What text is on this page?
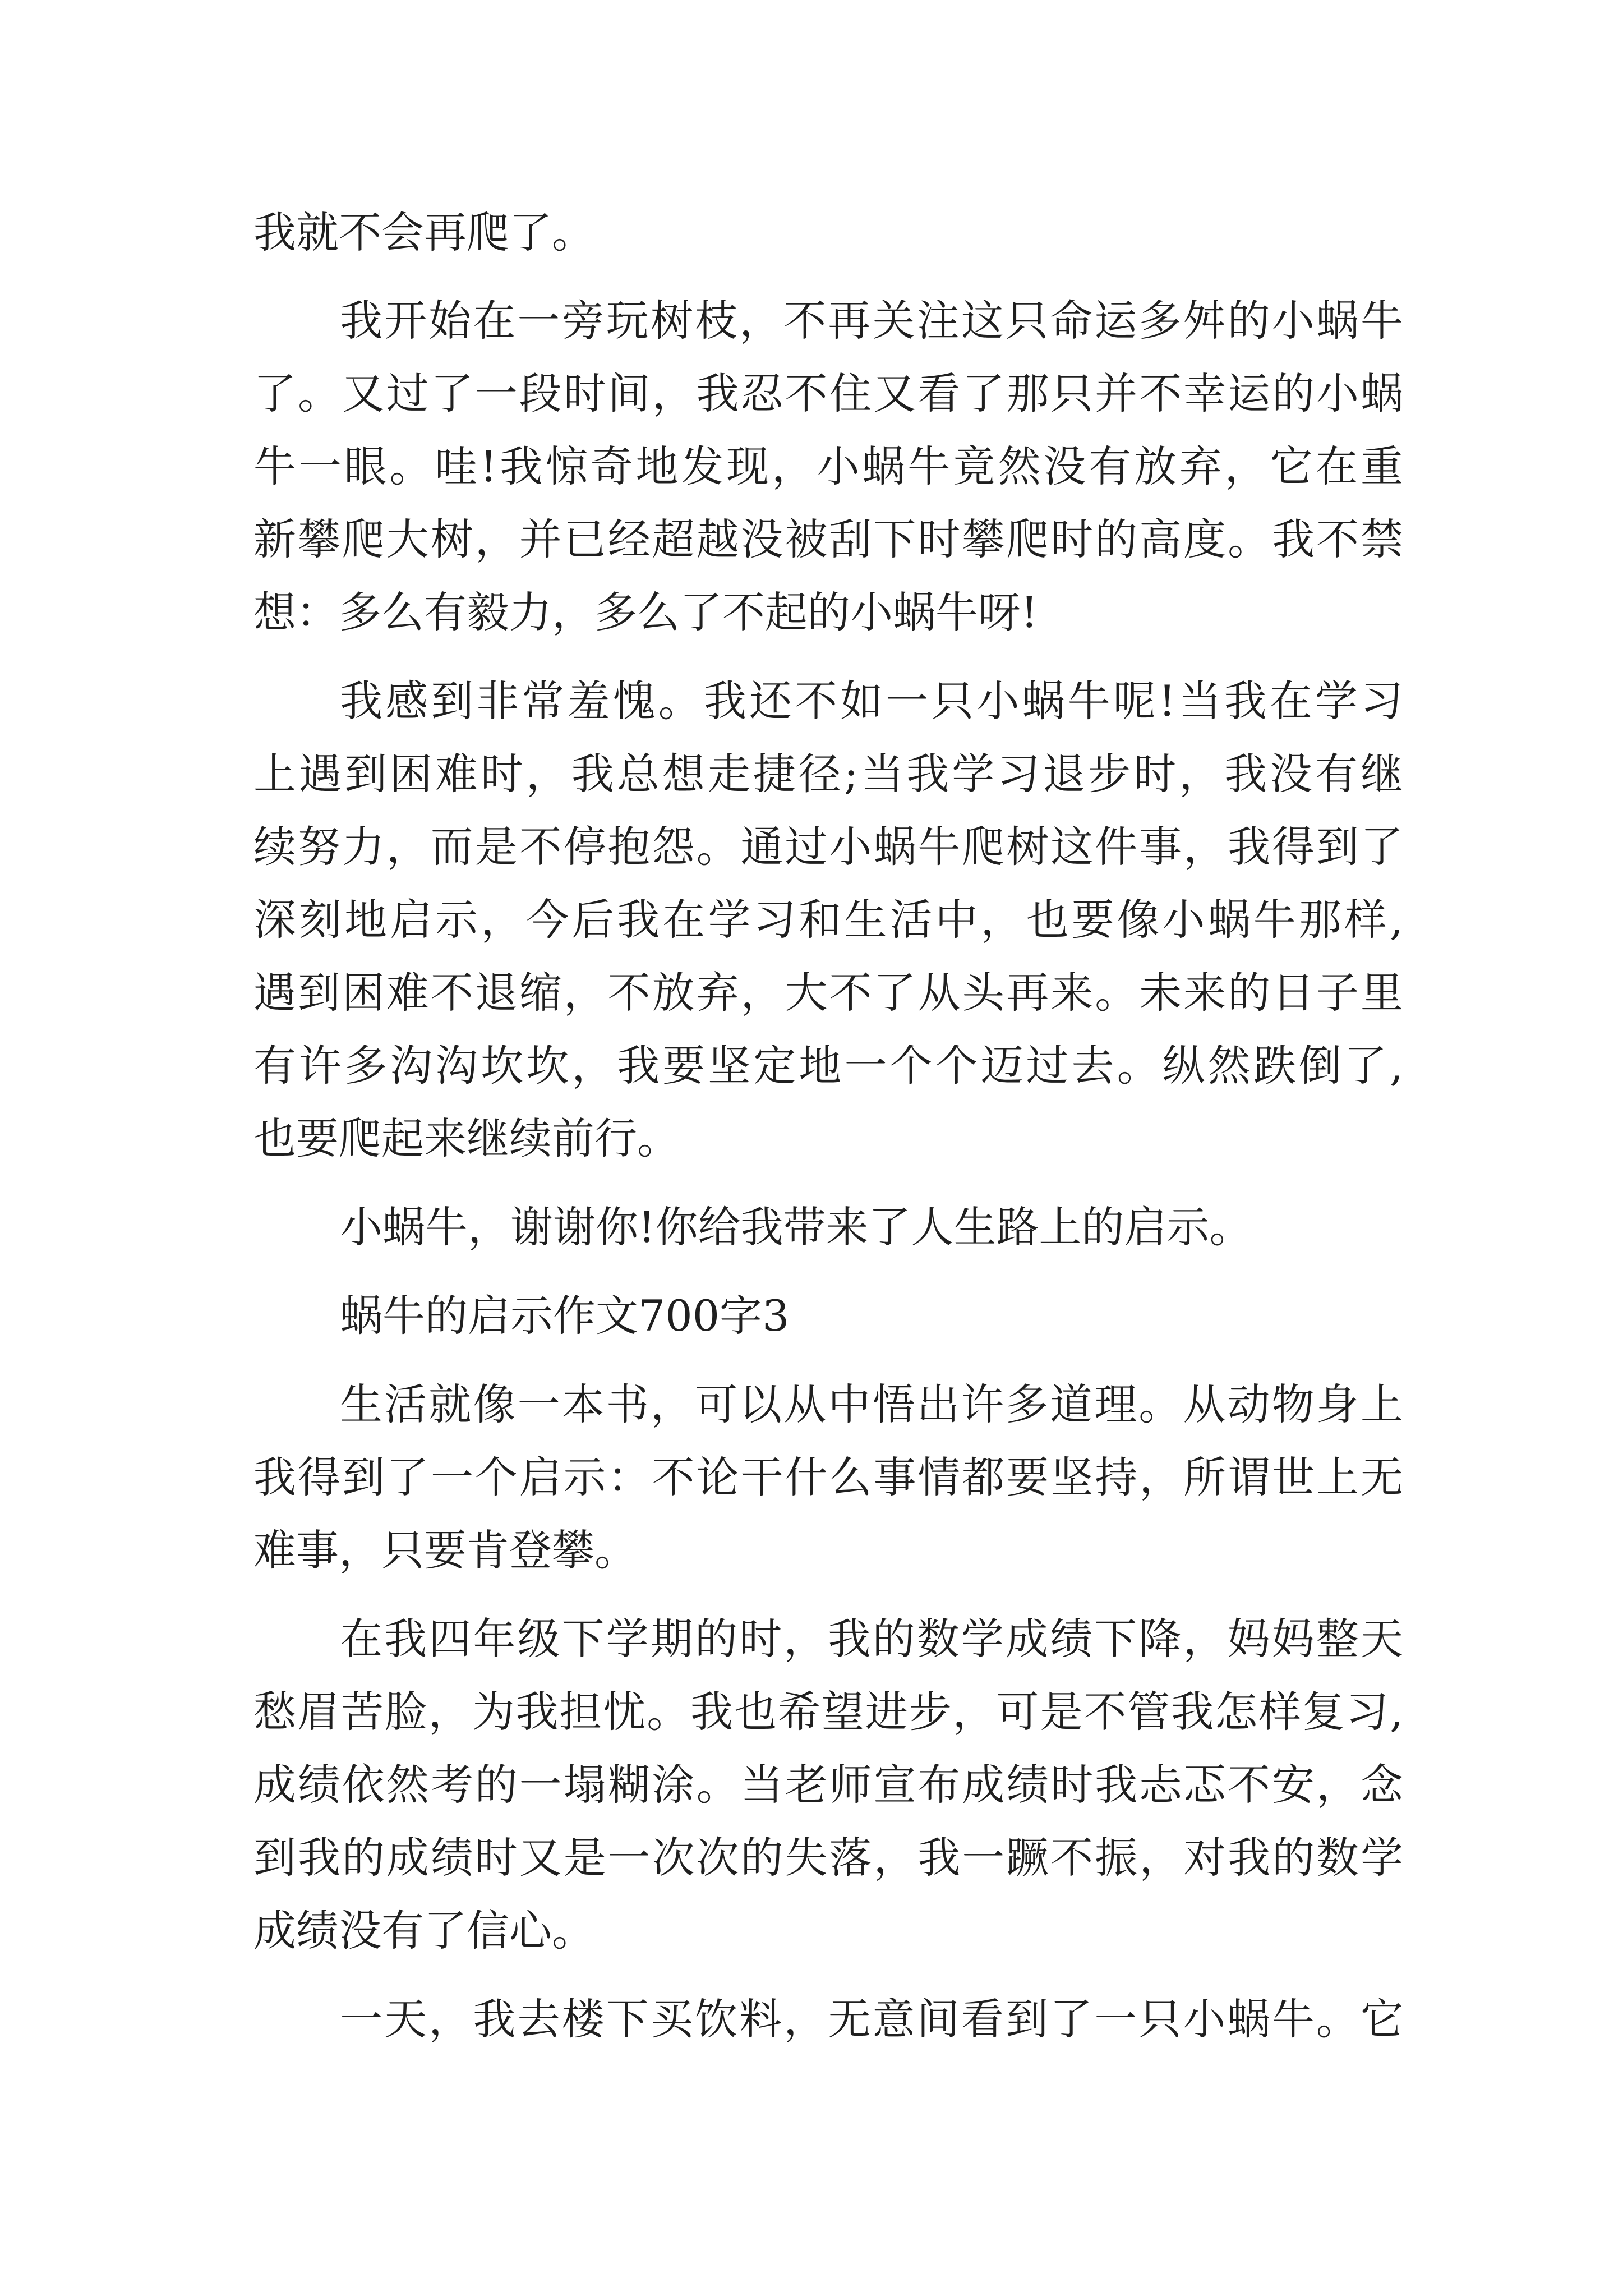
我就不会再爬了。
我开始在一旁玩树枝，不再关注这只命运多舛的小蜗牛
了。又过了一段时间，我忍不住又看了那只并不幸运的小蜗
牛一眼。哇!我惊奇地发现，小蜗牛竟然没有放弃，它在重
新攀爬大树，并已经超越没被刮下时攀爬时的高度。我不禁
想：多么有毅力，多么了不起的小蜗牛呀!
我感到非常羞愧。我还不如一只小蜗牛呢!当我在学习
上遇到困难时，我总想走捷径;当我学习退步时，我没有继
续努力，而是不停抱怨。通过小蜗牛爬树这件事，我得到了
深刻地启示，今后我在学习和生活中，也要像小蜗牛那样,
遇到困难不退缩，不放弃，大不了从头再来。未来的日子里
有许多沟沟坎坎，我要坚定地一个个迈过去。纵然跌倒了,
也要爬起来继续前行。
小蜗牛，谢谢你!你给我带来了人生路上的启示。
蜗牛的启示作文700字3
生活就像一本书，可以从中悟出许多道理。从动物身上
我得到了一个启示：不论干什么事情都要坚持，所谓世上无
难事，只要肯登攀。
在我四年级下学期的时，我的数学成绩下降，妈妈整天
愁眉苦脸，为我担忧。我也希望进步，可是不管我怎样复习,
成绩依然考的一塌糊涂。当老师宣布成绩时我忐忑不安，念
到我的成绩时又是一次次的失落，我一蹶不振，对我的数学
成绩没有了信心。
一天，我去楼下买饮料，无意间看到了一只小蜗牛。它
